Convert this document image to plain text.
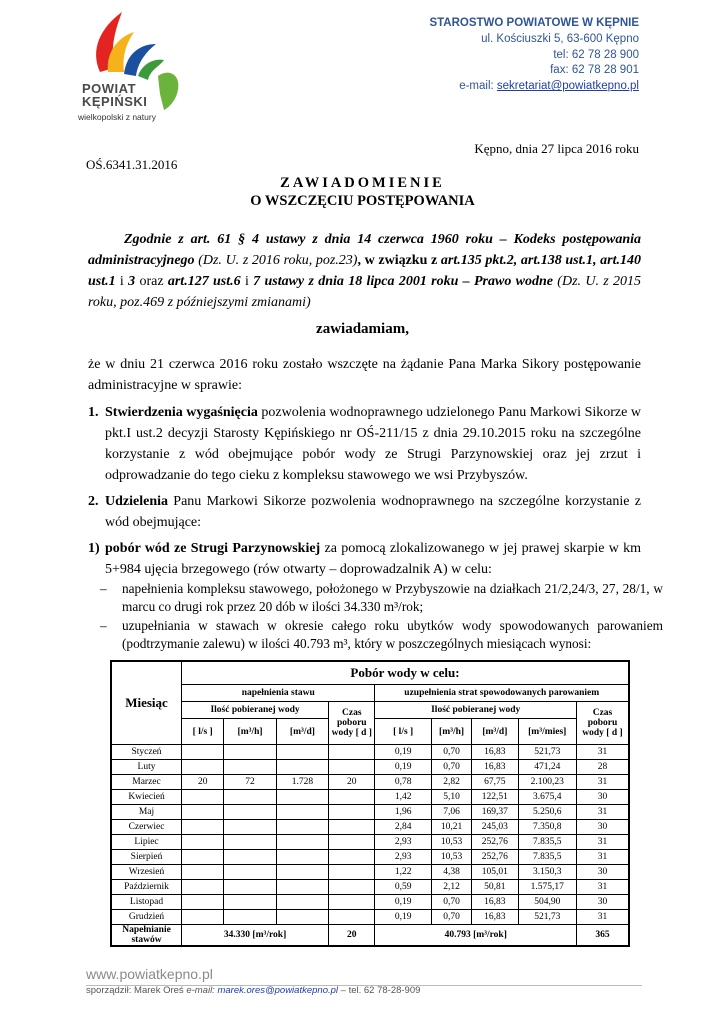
POWIAT
KĘPIŃSKI
wielkopolski z natury
STAROSTWO POWIATOWE W KĘPNIE
ul. Kościuszki 5, 63-600 Kępno
tel: 62 78 28 900
fax: 62 78 28 901
e-mail: sekretariat@powiatkepno.pl
Kępno, dnia 27 lipca 2016 roku
OŚ.6341.31.2016
ZAWIADOMIENIE
O WSZCZĘCIU POSTĘPOWANIA
Zgodnie z art. 61 § 4 ustawy z dnia 14 czerwca 1960 roku – Kodeks postępowania administracyjnego (Dz. U. z 2016 roku, poz.23), w związku z art.135 pkt.2, art.138 ust.1, art.140 ust.1 i 3 oraz art.127 ust.6 i 7 ustawy z dnia 18 lipca 2001 roku – Prawo wodne (Dz. U. z 2015 roku, poz.469 z późniejszymi zmianami)
zawiadamiam,
że w dniu 21 czerwca 2016 roku zostało wszczęte na żądanie Pana Marka Sikory postępowanie administracyjne w sprawie:
1. Stwierdzenia wygaśnięcia pozwolenia wodnoprawnego udzielonego Panu Markowi Sikorze w pkt.I ust.2 decyzji Starosty Kępińskiego nr OŚ-211/15 z dnia 29.10.2015 roku na szczególne korzystanie z wód obejmujące pobór wody ze Strugi Parzynowskiej oraz jej zrzut i odprowadzanie do tego cieku z kompleksu stawowego we wsi Przybyszów.
2. Udzielenia Panu Markowi Sikorze pozwolenia wodnoprawnego na szczególne korzystanie z wód obejmujące:
1) pobór wód ze Strugi Parzynowskiej za pomocą zlokalizowanego w jej prawej skarpie w km 5+984 ujęcia brzegowego (rów otwarty – doprowadzalnik A) w celu:
– napełnienia kompleksu stawowego, położonego w Przybyszowie na działkach 21/2,24/3, 27, 28/1, w marcu co drugi rok przez 20 dób w ilości 34.330 m³/rok;
– uzupełniania w stawach w okresie całego roku ubytków wody spowodowanych parowaniem (podtrzymanie zalewu) w ilości 40.793 m³, który w poszczególnych miesiącach wynosi:
Miesiąc	Pobór wody w celu:								
	napełnienia stawu				uzupełnienia strat spowodowanych parowaniem				
	Ilość pobieranej wody			Czas poboru wody [ d ]	Ilość pobieranej wody				Czas poboru wody [ d ]
	[ l/s ]	[m³/h]	[m³/d]		[ l/s ]	[m³/h]	[m³/d]	[m³/mies]	
Styczeń					0,19	0,70	16,83	521,73	31
Luty					0,19	0,70	16,83	471,24	28
Marzec	20	72	1.728	20	0,78	2,82	67,75	2.100,23	31
Kwiecień					1,42	5,10	122,51	3.675,4	30
Maj					1,96	7,06	169,37	5.250,6	31
Czerwiec					2,84	10,21	245,03	7.350,8	30
Lipiec					2,93	10,53	252,76	7.835,5	31
Sierpień					2,93	10,53	252,76	7.835,5	31
Wrzesień					1,22	4,38	105,01	3.150,3	30
Październik					0,59	2,12	50,81	1.575,17	31
Listopad					0,19	0,70	16,83	504,90	30
Grudzień					0,19	0,70	16,83	521,73	31
Napełnianie stawów	34.330 [m³/rok]			20	40.793 [m³/rok]				365
www.powiatkepno.pl
sporządził: Marek Oreś e-mail: marek.ores@powiatkepno.pl – tel. 62 78-28-909
